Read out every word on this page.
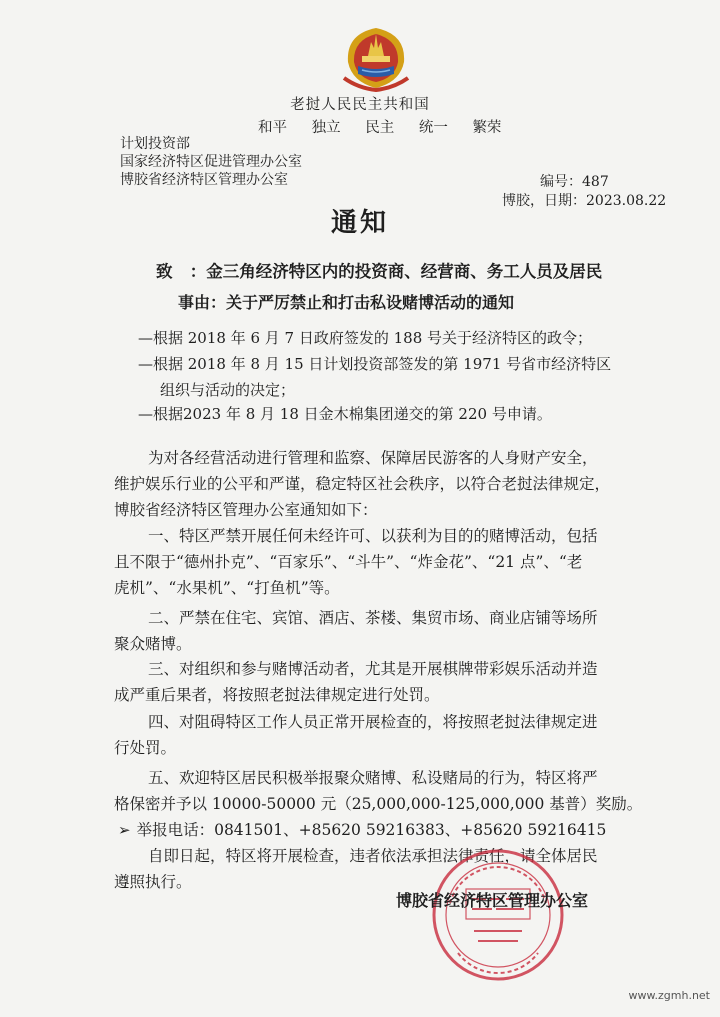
老挝人民民主共和国
和平 独立 民主 统一 繁荣
计划投资部
国家经济特区促进管理办公室
博胶省经济特区管理办公室	编号：487
博胶，日期：2023.08.22
通知
致 ：金三角经济特区内的投资商、经营商、务工人员及居民
事由：关于严厉禁止和打击私设赌博活动的通知
—根据 2018 年 6 月 7 日政府签发的 188 号关于经济特区的政令；
—根据 2018 年 8 月 15 日计划投资部签发的第 1971 号省市经济特区
组织与活动的决定；
—根据2023 年 8 月 18 日金木棉集团递交的第 220 号申请。
为对各经营活动进行管理和监察、保障居民游客的人身财产安全，
维护娱乐行业的公平和严谨，稳定特区社会秩序，以符合老挝法律规定，
博胶省经济特区管理办公室通知如下：
一、特区严禁开展任何未经许可、以获利为目的的赌博活动，包括
且不限于“德州扑克”、“百家乐”、“斗牛”、“炸金花”、“21 点”、“老
虎机”、“水果机”、“打鱼机”等。
二、严禁在住宅、宾馆、酒店、茶楼、集贸市场、商业店铺等场所
聚众赌博。
三、对组织和参与赌博活动者，尤其是开展棋牌带彩娱乐活动并造
成严重后果者，将按照老挝法律规定进行处罚。
四、对阻碍特区工作人员正常开展检查的，将按照老挝法律规定进
行处罚。
五、欢迎特区居民积极举报聚众赌博、私设赌局的行为，特区将严
格保密并予以 10000-50000 元（25,000,000-125,000,000 基普）奖励。
➢ 举报电话：0841501、+85620 59216383、+85620 59216415
自即日起，特区将开展检查，违者依法承担法律责任，请全体居民
遵照执行。
博胶省经济特区管理办公室
www.zgmh.net
